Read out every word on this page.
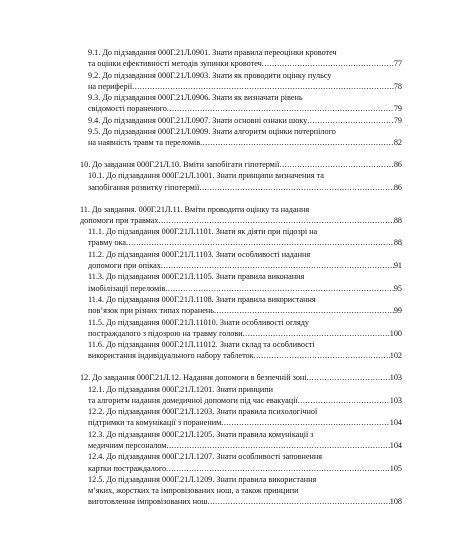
9.1. До підзавдання 000Г.21Л.0901. Знати правила переоцінки кровотеч
та оцінки ефективності методів зупинки кровотеч .....	77
9.2. До підзавдання 000Г.21Л.0903. Знати як проводити оцінку пульсу
на периферії .....	78
9.3. До підзавдання 000Г.21Л.0906. Знати як визначати рівень
свідомості пораненого .....	79
9.4. До підзавдання 000Г.21Л.0907. Знати основні ознаки шоку .....	79
9.5. До підзавдання 000Г.21Л.0909. Знати алгоритм оцінки потерпілого
на наявність травм та переломів .....	82
10. До завдання 000Г.21Л.10. Вміти запобігати гіпотермії .....	86
10.1. До підзавдання 000Г.21Л.1001. Знати принципи визначення та
запобігання розвитку гіпотермії .....	86
11. До завдання. 000Г.21Л.11. Вміти проводити оцінку та надання
допомоги при травмах .....	88
11.1. До підзавдання 000Г.21Л.1101. Знати як діяти при підозрі на
травму ока .....	88
11.2. До підзавдання 000Г.21Л.1103. Знати особливості надання
допомоги при опіках .....	91
11.3. До підзавдання 000Г.21Л.1105. Знати правила виконання
імобілізації переломів .....	95
11.4. До підзавдання 000Г.21Л.1108. Знати правила використання
пов’язок при різних типах поранень .....	99
11.5. До підзавдання 000Г.21Л.11010. Знати особливості огляду
постраждалого з підозрою на травму голови .....	100
11.6. До підзавдання 000Г.21Л.11012. Знати склад та особливості
використання індивідуального набору таблеток .....	102
12. До завдання 000Г.21Л.12. Надання допомоги в безпечній зоні .....	103
12.1. До підзавдання 000Г.21Л.1201. Знати принципи
та алгоритм надання домедичної допомоги під час евакуації .....	103
12.2. До підзавдання 000Г.21Л.1203. Знати правила психологічної
підтримки та комунікації з пораненим .....	104
12.3. До підзавдання 000Г.21Л.1205. Знати правила комунікації з
медичним персоналом .....	104
12.4. До підзавдання 000Г.21Л.1207. Знати особливості заповнення
картки постраждалого .....	105
12.5. До підзавдання 000Г.21Л.1209. Знати правила використання
м’яких, жорстких та імпровізованих нош, а також принципи
виготовлення імпровізованих нош .....	108
